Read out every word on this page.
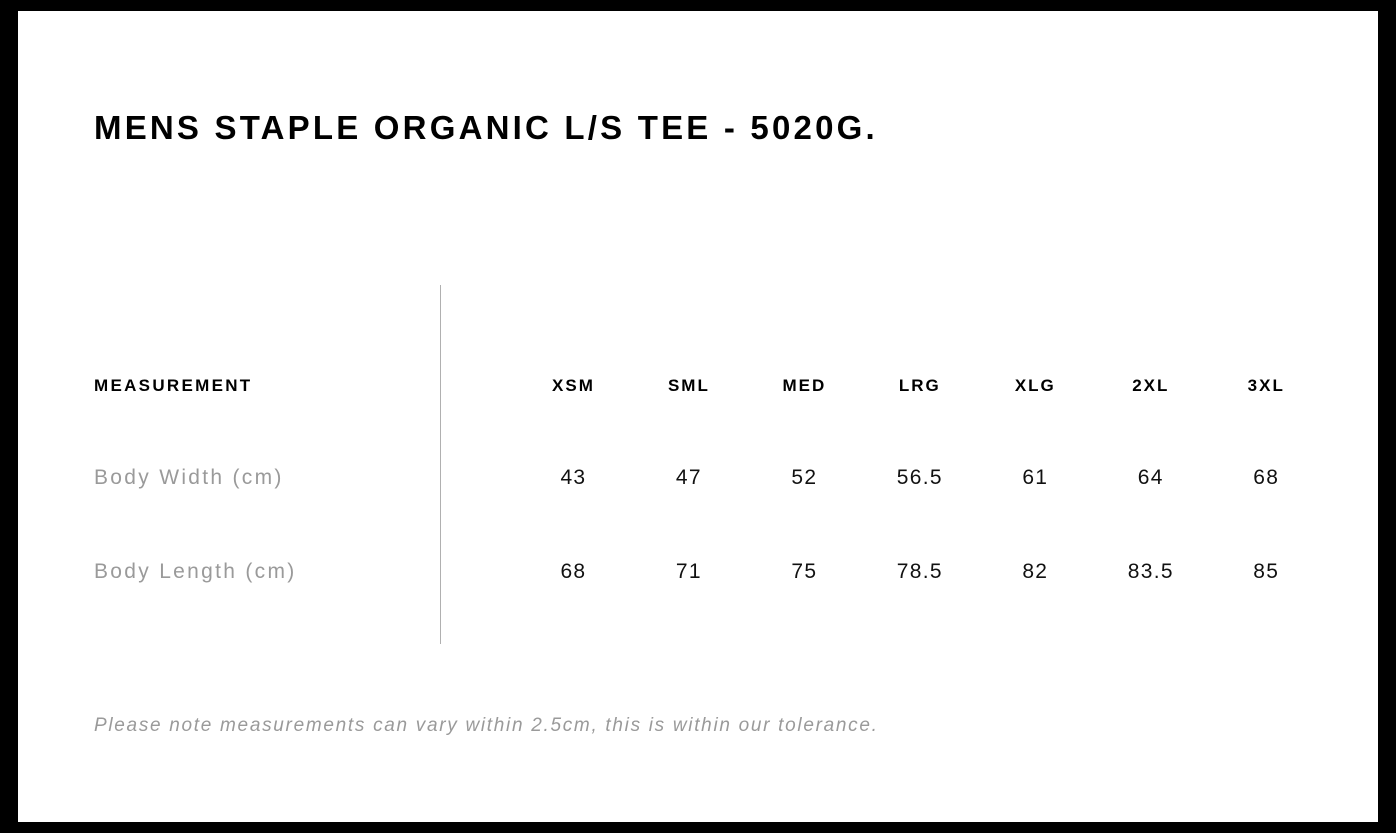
MENS STAPLE ORGANIC L/S TEE - 5020G.
MEASUREMENT	XSM	SML	MED	LRG	XLG	2XL	3XL
Body Width (cm)	43	47	52	56.5	61	64	68
Body Length (cm)	68	71	75	78.5	82	83.5	85
Please note measurements can vary within 2.5cm, this is within our tolerance.
